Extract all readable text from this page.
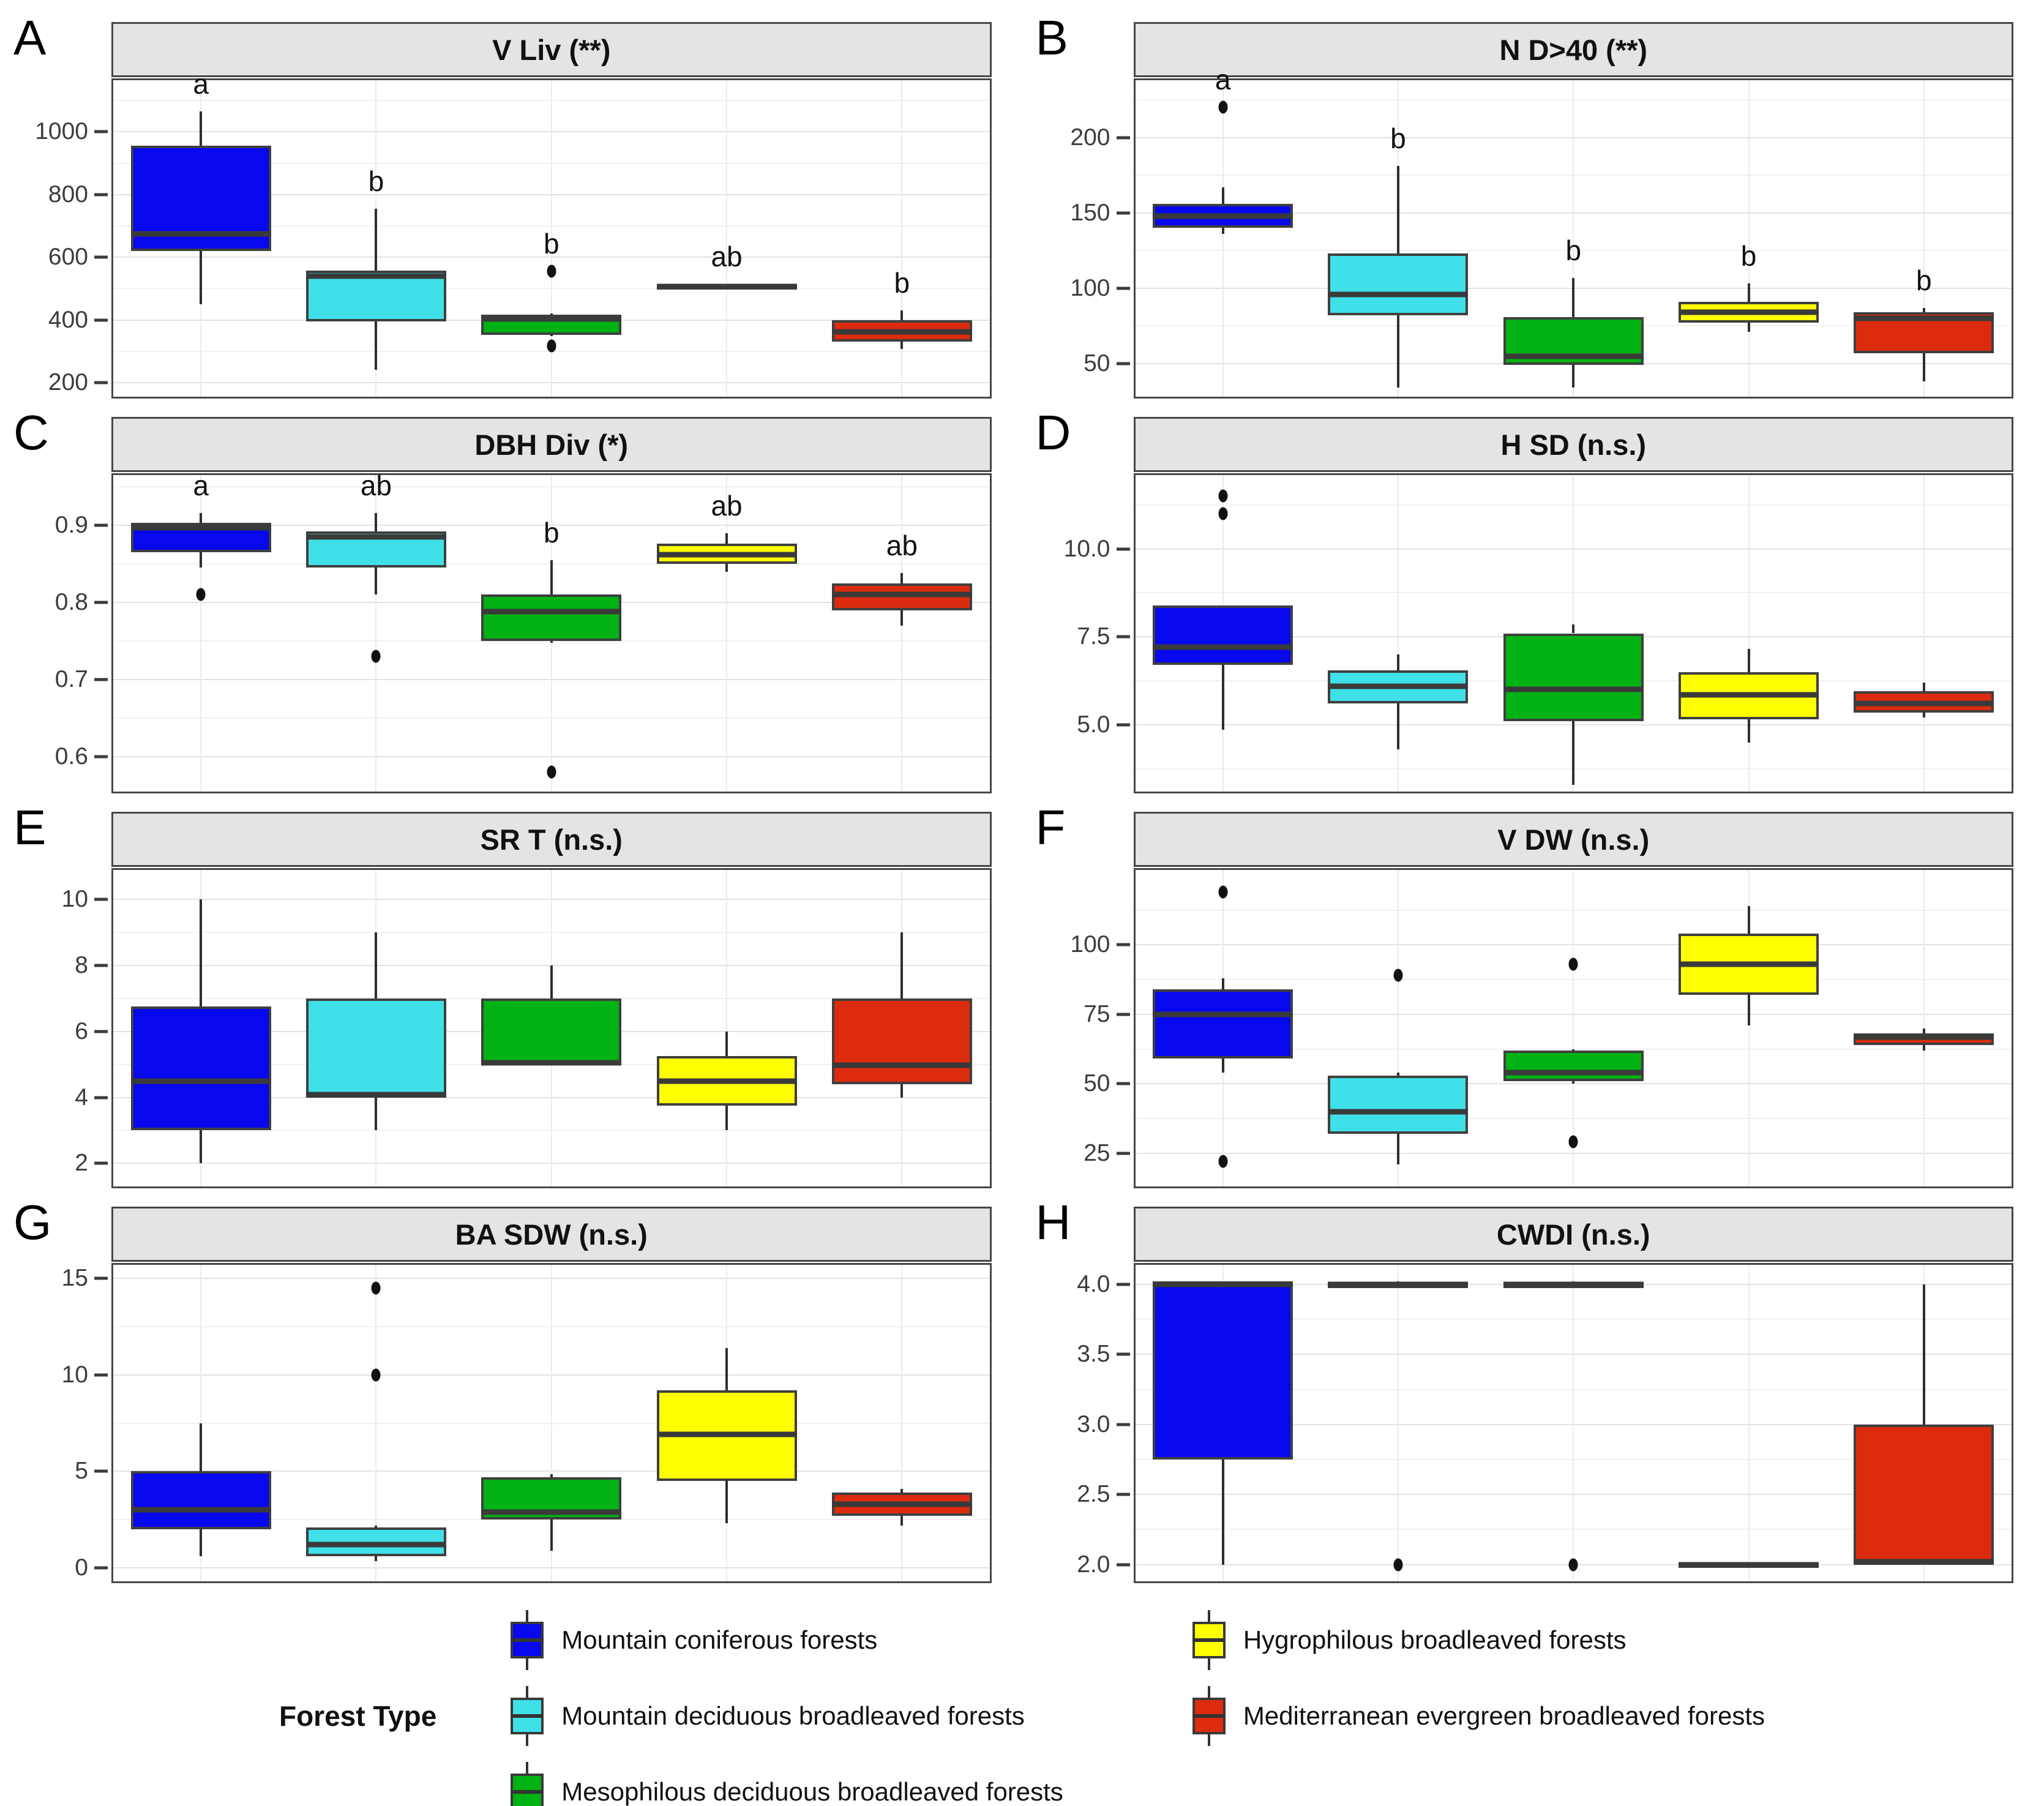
A
200
400
600
800
1000
V Liv (**)
a
b
b	ab
b
B
50
100
150
200
N D>40 (**)
a
b
b	b
b
C
0.6
0.7
0.8
0.9
DBH Div (*)
a	ab
b
ab
ab
D
5.0
7.5
10.0
H SD (n.s.)
E
2
4
6
8
10
SR T (n.s.)	F
25
50
75
100
V DW (n.s.)
G
0
5
10
15
BA SDW (n.s.)	H
2.0
2.5
3.0
3.5
4.0
CWDI (n.s.)
Forest Type
Mountain coniferous forests
Mountain deciduous broadleaved forests
Mesophilous deciduous broadleaved forests
Hygrophilous broadleaved forests
Mediterranean evergreen broadleaved forests
